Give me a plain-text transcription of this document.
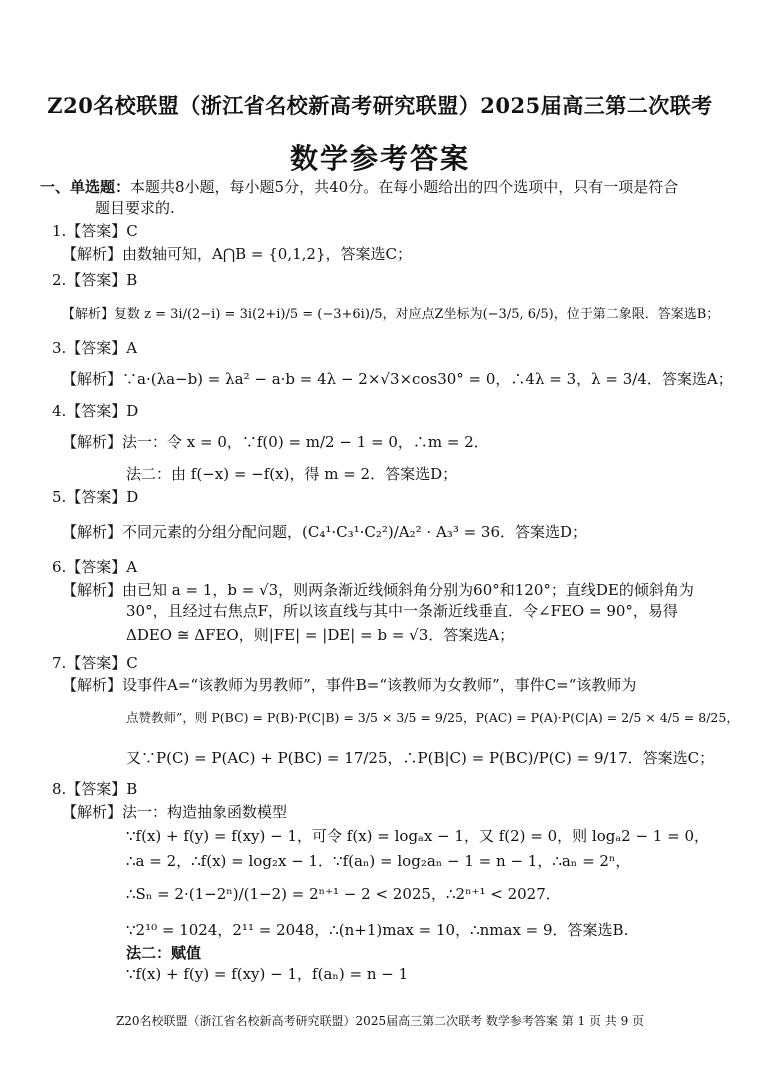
Z20名校联盟（浙江省名校新高考研究联盟）2025届高三第二次联考
数学参考答案
一、单选题：本题共8小题，每小题5分，共40分。在每小题给出的四个选项中，只有一项是符合
题目要求的.
1.【答案】C
【解析】由数轴可知，A⋂B = {0,1,2}，答案选C；
2.【答案】B
【解析】复数 z = 3i/(2−i) = 3i(2+i)/5 = (−3+6i)/5，对应点Z坐标为(−3/5, 6/5)，位于第二象限．答案选B；
3.【答案】A
【解析】∵a·(λa−b) = λa² − a·b = 4λ − 2×√3×cos30° = 0，∴4λ = 3，λ = 3/4．答案选A；
4.【答案】D
【解析】法一：令 x = 0，∵f(0) = m/2 − 1 = 0，∴m = 2．
法二：由 f(−x) = −f(x)，得 m = 2．答案选D；
5.【答案】D
【解析】不同元素的分组分配问题，(C₄¹·C₃¹·C₂²)/A₂² · A₃³ = 36．答案选D；
6.【答案】A
【解析】由已知 a = 1，b = √3，则两条渐近线倾斜角分别为60°和120°；直线DE的倾斜角为
30°，且经过右焦点F，所以该直线与其中一条渐近线垂直．令∠FEO = 90°，易得
ΔDEO ≅ ΔFEO，则|FE| = |DE| = b = √3．答案选A；
7.【答案】C
【解析】设事件A=“该教师为男教师”，事件B=“该教师为女教师”，事件C=“该教师为
点赞教师”，则 P(BC) = P(B)·P(C|B) = 3/5 × 3/5 = 9/25，P(AC) = P(A)·P(C|A) = 2/5 × 4/5 = 8/25，
又∵P(C) = P(AC) + P(BC) = 17/25，∴P(B|C) = P(BC)/P(C) = 9/17．答案选C；
8.【答案】B
【解析】法一：构造抽象函数模型
∵f(x) + f(y) = f(xy) − 1，可令 f(x) = logₐx − 1，又 f(2) = 0，则 logₐ2 − 1 = 0，
∴a = 2，∴f(x) = log₂x − 1．∵f(aₙ) = log₂aₙ − 1 = n − 1，∴aₙ = 2ⁿ，
∴Sₙ = 2·(1−2ⁿ)/(1−2) = 2ⁿ⁺¹ − 2 < 2025，∴2ⁿ⁺¹ < 2027．
∵2¹⁰ = 1024，2¹¹ = 2048，∴(n+1)max = 10，∴nmax = 9．答案选B.
法二：赋值
∵f(x) + f(y) = f(xy) − 1，f(aₙ) = n − 1
Z20名校联盟（浙江省名校新高考研究联盟）2025届高三第二次联考 数学参考答案 第 1 页 共 9 页
